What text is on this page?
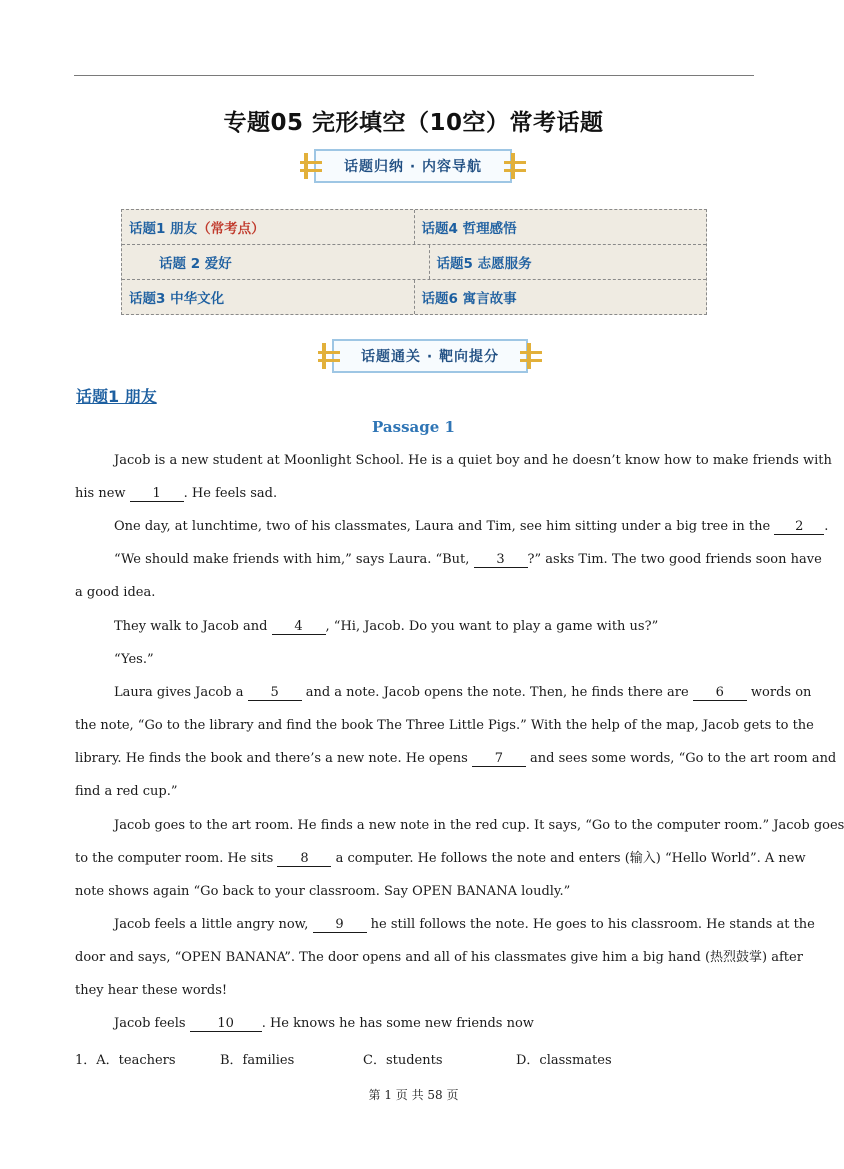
专题05 完形填空（10空）常考话题
话题归纳 · 内容导航
话题1 朋友 （常考点）	话题4 哲理感悟
话题 2 爱好	话题5 志愿服务
话题3 中华文化	话题6 寓言故事
话题通关 · 靶向提分
话题1 朋友
Passage 1
Jacob is a new student at Moonlight School. He is a quiet boy and he doesn’t know how to make friends with
his new 1 . He feels sad.
One day, at lunchtime, two of his classmates, Laura and Tim, see him sitting under a big tree in the 2 .
“We should make friends with him,” says Laura. “But, 3 ?” asks Tim. The two good friends soon have
a good idea.
They walk to Jacob and 4 , “Hi, Jacob. Do you want to play a game with us?”
“Yes.”
Laura gives Jacob a 5 and a note. Jacob opens the note. Then, he finds there are 6 words on
the note, “Go to the library and find the book The Three Little Pigs.” With the help of the map, Jacob gets to the
library. He finds the book and there’s a new note. He opens 7 and sees some words, “Go to the art room and
find a red cup.”
Jacob goes to the art room. He finds a new note in the red cup. It says, “Go to the computer room.” Jacob goes
to the computer room. He sits 8 a computer. He follows the note and enters (输入) “Hello World”. A new
note shows again “Go back to your classroom. Say OPEN BANANA loudly.”
Jacob feels a little angry now, 9 he still follows the note. He goes to his classroom. He stands at the
door and says, “OPEN BANANA”. The door opens and all of his classmates give him a big hand (热烈鼓掌) after
they hear these words!
Jacob feels 10 . He knows he has some new friends now
1．A．teachers	B．families	C．students	D．classmates
第 1 页 共 58 页
